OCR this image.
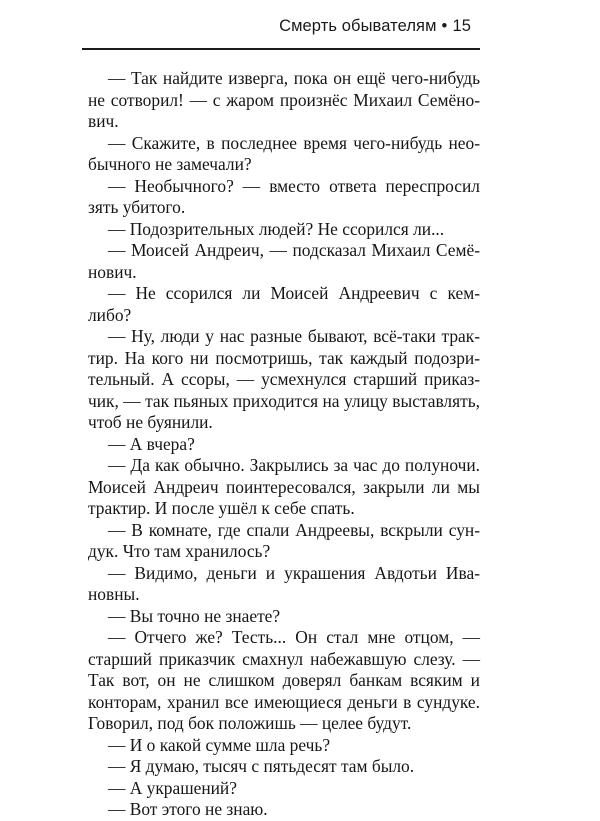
Смерть обывателям • 15

— Так найдите изверга, пока он ещё чего-нибудь не сотворил! — с жаром произнёс Михаил Семёнович.

— Скажите, в последнее время чего-нибудь необычного не замечали?

— Необычного? — вместо ответа переспросил зять убитого.

— Подозрительных людей? Не ссорился ли...

— Моисей Андреич, — подсказал Михаил Семёнович.

— Не ссорился ли Моисей Андреевич с кем-либо?

— Ну, люди у нас разные бывают, всё-таки трактир. На кого ни посмотришь, так каждый подозрительный. А ссоры, — усмехнулся старший приказчик, — так пьяных приходится на улицу выставлять, чтоб не буянили.

— А вчера?

— Да как обычно. Закрылись за час до полуночи. Моисей Андреич поинтересовался, закрыли ли мы трактир. И после ушёл к себе спать.

— В комнате, где спали Андреевы, вскрыли сундук. Что там хранилось?

— Видимо, деньги и украшения Авдотьи Ивановны.

— Вы точно не знаете?

— Отчего же? Тесть... Он стал мне отцом, — старший приказчик смахнул набежавшую слезу. — Так вот, он не слишком доверял банкам всяким и конторам, хранил все имеющиеся деньги в сундуке. Говорил, под бок положишь — целее будут.

— И о какой сумме шла речь?

— Я думаю, тысяч с пятьдесят там было.

— А украшений?

— Вот этого не знаю.
